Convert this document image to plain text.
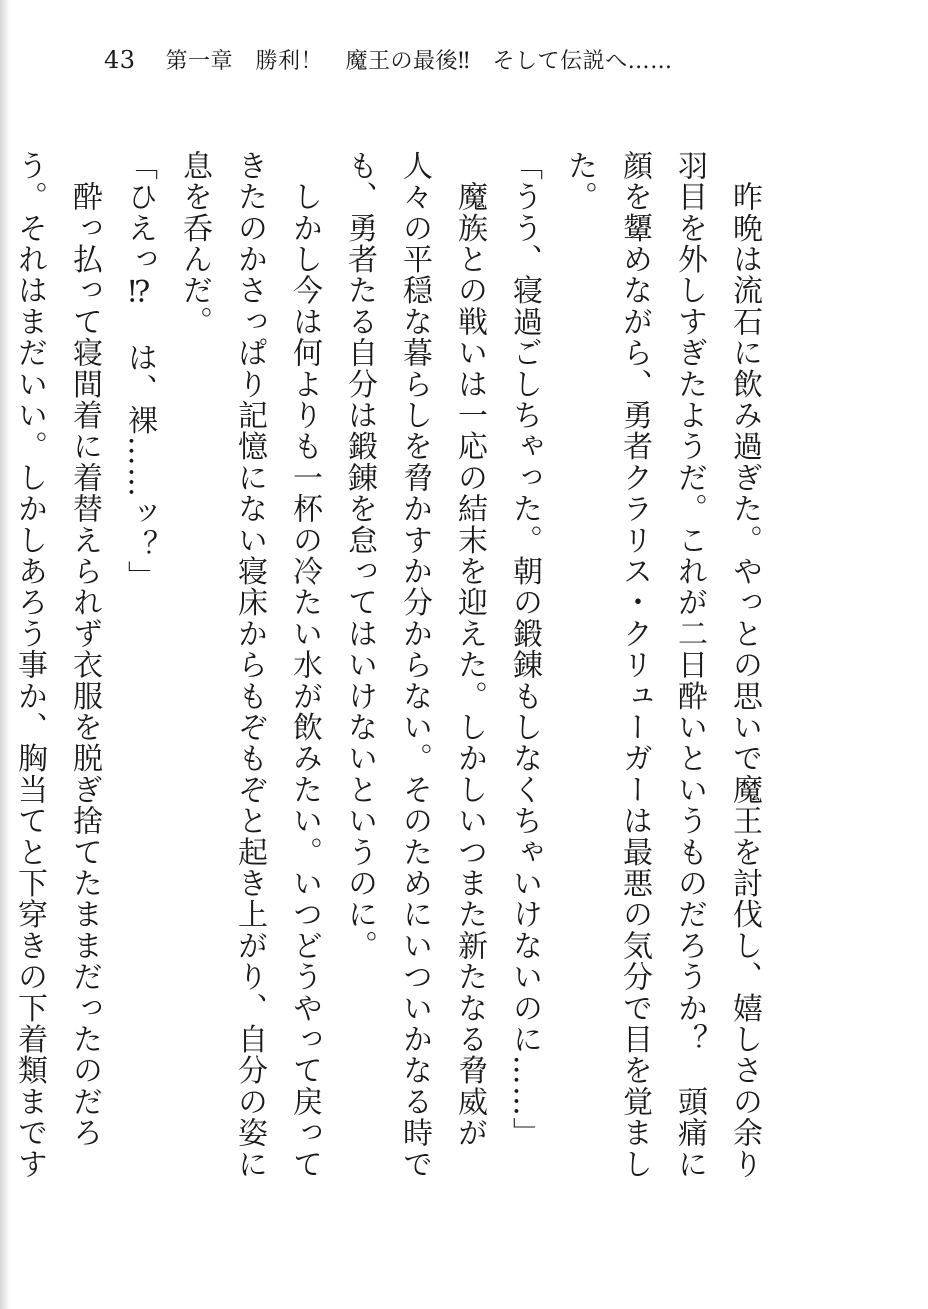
43 第一章　勝利！　魔王の最後‼　そして伝説へ……

　昨晩は流石に飲み過ぎた。やっとの思いで魔王を討伐し、嬉しさの余り羽目を外しすぎたようだ。これが二日酔いというものだろうか？　頭痛に顔を顰めながら、勇者クラリス・クリューガーは最悪の気分で目を覚ました。

「うう、寝過ごしちゃった。朝の鍛錬もしなくちゃいけないのに……」

　魔族との戦いは一応の結末を迎えた。しかしいつまた新たなる脅威が人々の平穏な暮らしを脅かすか分からない。そのためにいついかなる時でも、勇者たる自分は鍛錬を怠ってはいけないというのに。

　しかし今は何よりも一杯の冷たい水が飲みたい。いつどうやって戻ってきたのかさっぱり記憶にない寝床からもぞもぞと起き上がり、自分の姿に息を呑んだ。

「ひえっ⁉　は、裸……ッ？」

　酔っ払って寝間着に着替えられず衣服を脱ぎ捨てたままだったのだろう。それはまだいい。しかしあろう事か、胸当てと下穿きの下着類まです
